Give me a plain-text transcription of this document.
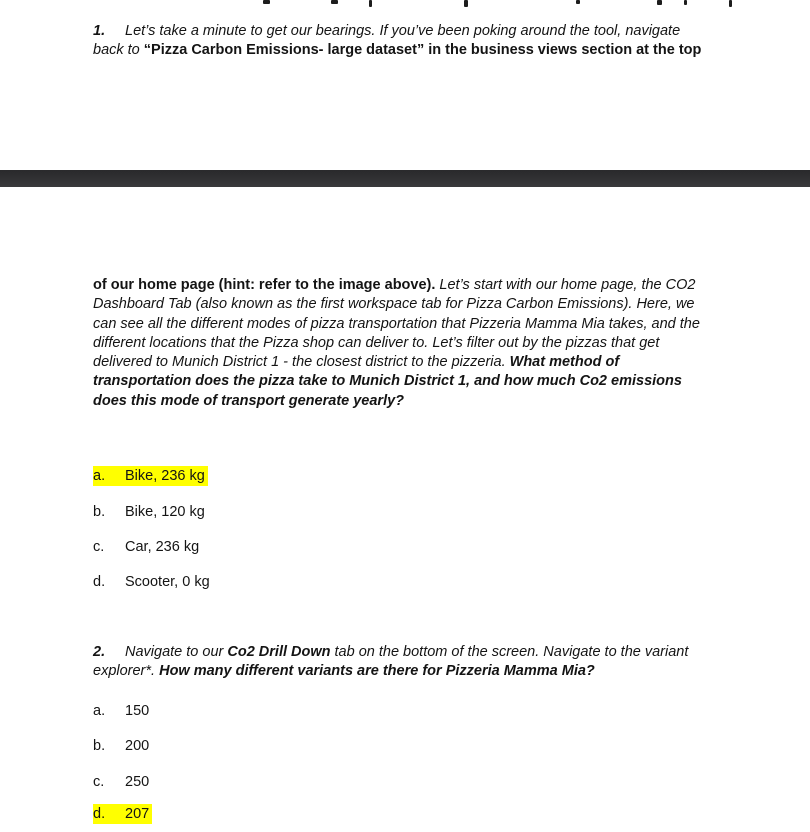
1. Let’s take a minute to get our bearings. If you’ve been poking around the tool, navigate back to “Pizza Carbon Emissions- large dataset” in the business views section at the top
of our home page (hint: refer to the image above). Let’s start with our home page, the CO2 Dashboard Tab (also known as the first workspace tab for Pizza Carbon Emissions). Here, we can see all the different modes of pizza transportation that Pizzeria Mamma Mia takes, and the different locations that the Pizza shop can deliver to. Let’s filter out by the pizzas that get delivered to Munich District 1 - the closest district to the pizzeria. What method of transportation does the pizza take to Munich District 1, and how much Co2 emissions does this mode of transport generate yearly?
a. Bike, 236 kg
b. Bike, 120 kg
c. Car, 236 kg
d. Scooter, 0 kg
2. Navigate to our Co2 Drill Down tab on the bottom of the screen. Navigate to the variant explorer*. How many different variants are there for Pizzeria Mamma Mia?
a. 150
b. 200
c. 250
d. 207
